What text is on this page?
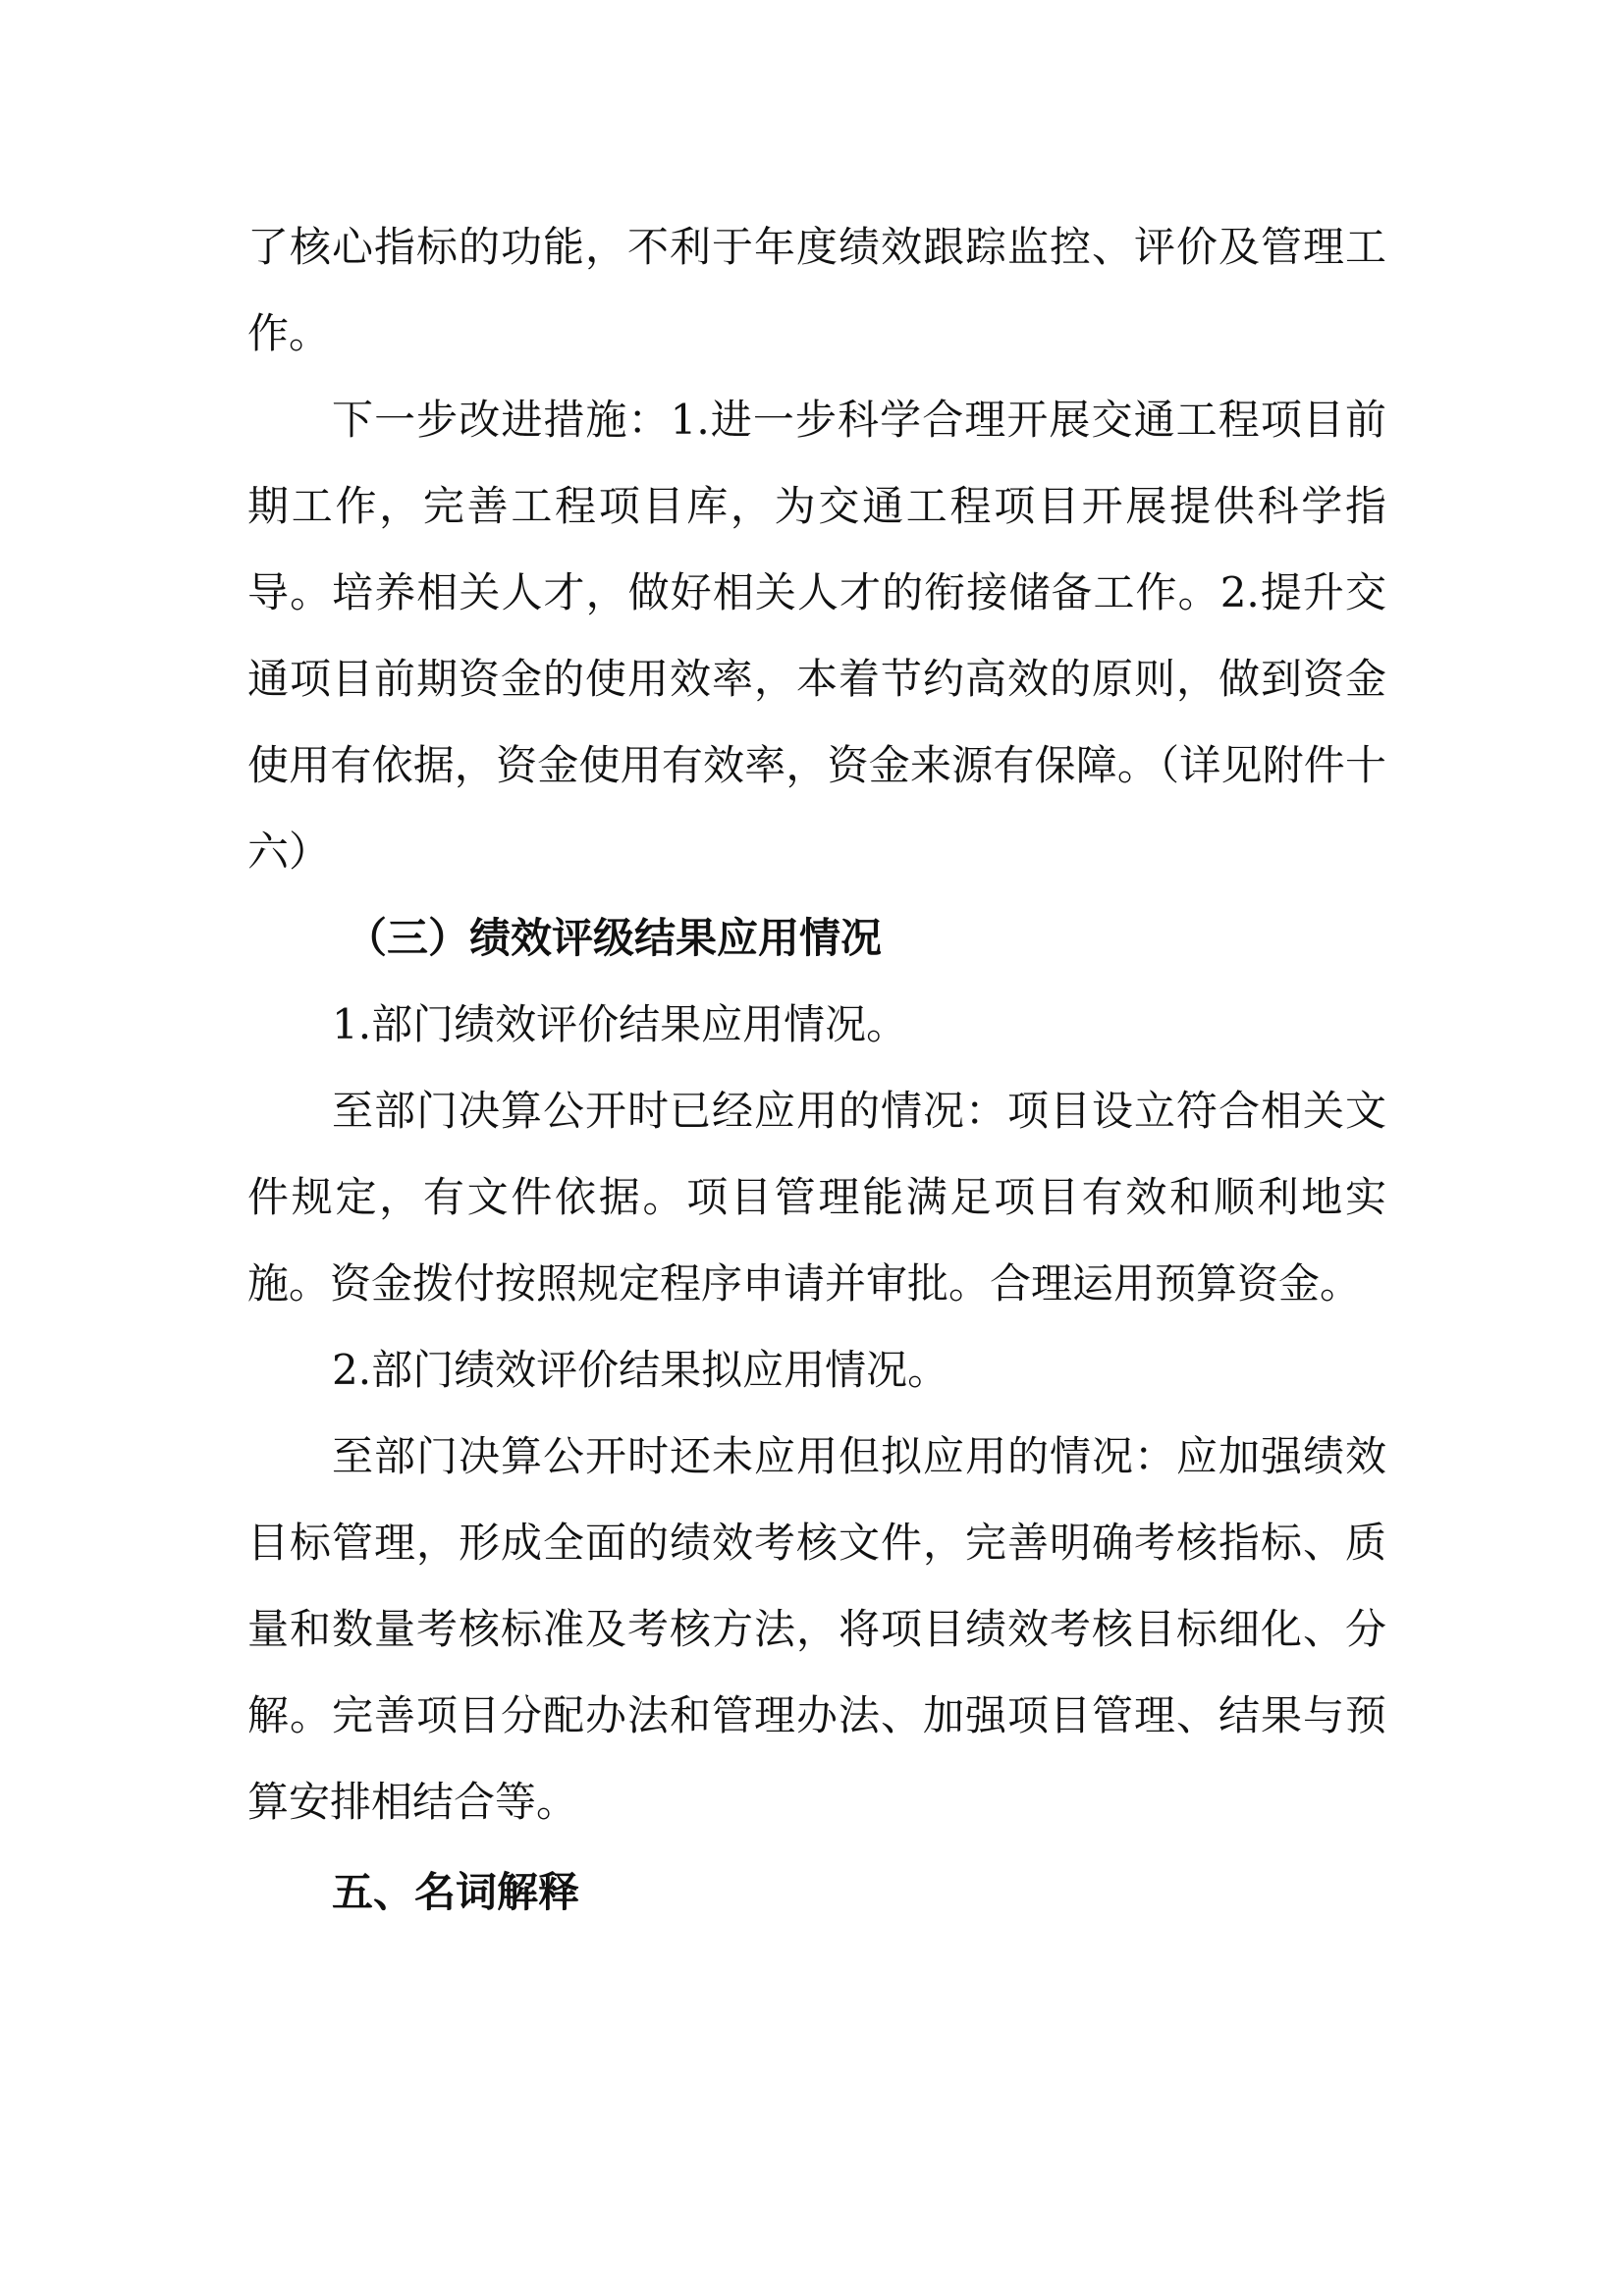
了核心指标的功能，不利于年度绩效跟踪监控、评价及管理工作。

下一步改进措施：1.进一步科学合理开展交通工程项目前期工作，完善工程项目库，为交通工程项目开展提供科学指导。培养相关人才，做好相关人才的衔接储备工作。2.提升交通项目前期资金的使用效率，本着节约高效的原则，做到资金使用有依据，资金使用有效率，资金来源有保障。（详见附件十六）

（三）绩效评级结果应用情况

1.部门绩效评价结果应用情况。

至部门决算公开时已经应用的情况：项目设立符合相关文件规定，有文件依据。项目管理能满足项目有效和顺利地实施。资金拨付按照规定程序申请并审批。合理运用预算资金。

2.部门绩效评价结果拟应用情况。

至部门决算公开时还未应用但拟应用的情况：应加强绩效目标管理，形成全面的绩效考核文件，完善明确考核指标、质量和数量考核标准及考核方法，将项目绩效考核目标细化、分解。完善项目分配办法和管理办法、加强项目管理、结果与预算安排相结合等。

五、名词解释
